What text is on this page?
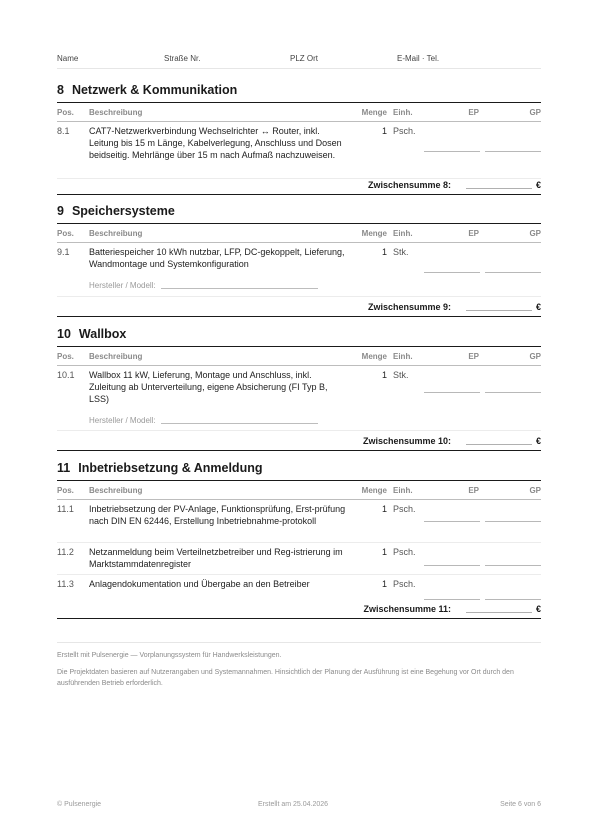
Name	Straße Nr.	PLZ Ort	E-Mail · Tel.
8 Netzwerk & Kommunikation
Pos. Beschreibung	Menge Einh.	EP	GP
8.1 CAT7-Netzwerkverbindung Wechselrichter ↔ Router, inkl. Leitung bis 15 m Länge, Kabelverlegung, Anschluss und Dosen beidseitig. Mehrlänge über 15 m nach Aufmaß nachzuweisen.
1 Psch.
Zwischensumme 8:	€
9 Speichersysteme
Pos. Beschreibung	Menge Einh.	EP	GP
9.1 Batteriespeicher 10 kWh nutzbar, LFP, DC-gekoppelt, Lieferung, Wandmontage und Systemkonfiguration
1 Stk.
Hersteller / Modell:
Zwischensumme 9:	€
10 Wallbox
Pos. Beschreibung	Menge Einh.	EP	GP
10.1 Wallbox 11 kW, Lieferung, Montage und Anschluss, inkl. Zuleitung ab Unterverteilung, eigene Absicherung (FI Typ B, LSS)
1 Stk.
Hersteller / Modell:
Zwischensumme 10:	€
11 Inbetriebsetzung & Anmeldung
Pos. Beschreibung	Menge Einh.	EP	GP
11.1 Inbetriebsetzung der PV-Anlage, Funktionsprüfung, Erst-prüfung nach DIN EN 62446, Erstellung Inbetriebnahme-protokoll
1 Psch.
11.2 Netzanmeldung beim Verteilnetzbetreiber und Reg-istrierung im Marktstammdatenregister
1 Psch.
11.3 Anlagendokumentation und Übergabe an den Betreiber	1 Psch.
Zwischensumme 11:	€

Erstellt mit Pulsenergie — Vorplanungssystem für Handwerksleistungen.

Die Projektdaten basieren auf Nutzerangaben und Systemannahmen. Hinsichtlich der Planung der Ausführung ist eine Begehung vor Ort durch den ausführenden Betrieb erforderlich.

© Pulsenergie	Erstellt am 25.04.2026	Seite 6 von 6
